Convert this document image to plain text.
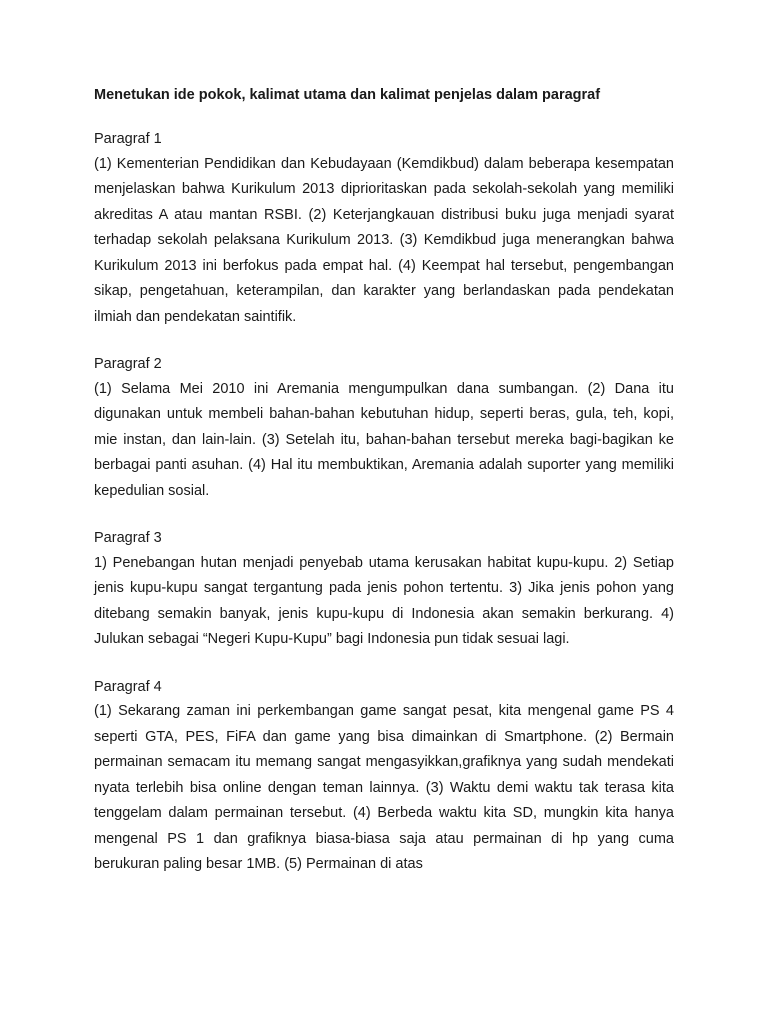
Menetukan ide pokok, kalimat utama dan kalimat penjelas dalam paragraf

Paragraf 1

(1) Kementerian Pendidikan dan Kebudayaan (Kemdikbud) dalam beberapa kesempatan menjelaskan bahwa Kurikulum 2013 diprioritaskan pada sekolah-sekolah yang memiliki akreditas A atau mantan RSBI. (2) Keterjangkauan distribusi buku juga menjadi syarat terhadap sekolah pelaksana Kurikulum 2013. (3) Kemdikbud juga menerangkan bahwa Kurikulum 2013 ini berfokus pada empat hal. (4) Keempat hal tersebut, pengembangan sikap, pengetahuan, keterampilan, dan karakter yang berlandaskan pada pendekatan ilmiah dan pendekatan saintifik.

Paragraf 2

(1) Selama Mei 2010 ini Aremania mengumpulkan dana sumbangan. (2) Dana itu digunakan untuk membeli bahan-bahan kebutuhan hidup, seperti beras, gula, teh, kopi, mie instan, dan lain-lain. (3) Setelah itu, bahan-bahan tersebut mereka bagi-bagikan ke berbagai panti asuhan. (4) Hal itu membuktikan, Aremania adalah suporter yang memiliki kepedulian sosial.

Paragraf 3

1) Penebangan hutan menjadi penyebab utama kerusakan habitat kupu-kupu. 2) Setiap jenis kupu-kupu sangat tergantung pada jenis pohon tertentu. 3) Jika jenis pohon yang ditebang semakin banyak, jenis kupu-kupu di Indonesia akan semakin berkurang. 4) Julukan sebagai “Negeri Kupu-Kupu” bagi Indonesia pun tidak sesuai lagi.

Paragraf 4

(1) Sekarang zaman ini perkembangan game sangat pesat, kita mengenal game PS 4 seperti GTA, PES, FiFA dan game yang bisa dimainkan di Smartphone. (2) Bermain permainan semacam itu memang sangat mengasyikkan,grafiknya yang sudah mendekati nyata terlebih bisa online dengan teman lainnya. (3) Waktu demi waktu tak terasa kita tenggelam dalam permainan tersebut. (4) Berbeda waktu kita SD, mungkin kita hanya mengenal PS 1 dan grafiknya biasa-biasa saja atau permainan di hp yang cuma berukuran paling besar 1MB. (5) Permainan di atas
